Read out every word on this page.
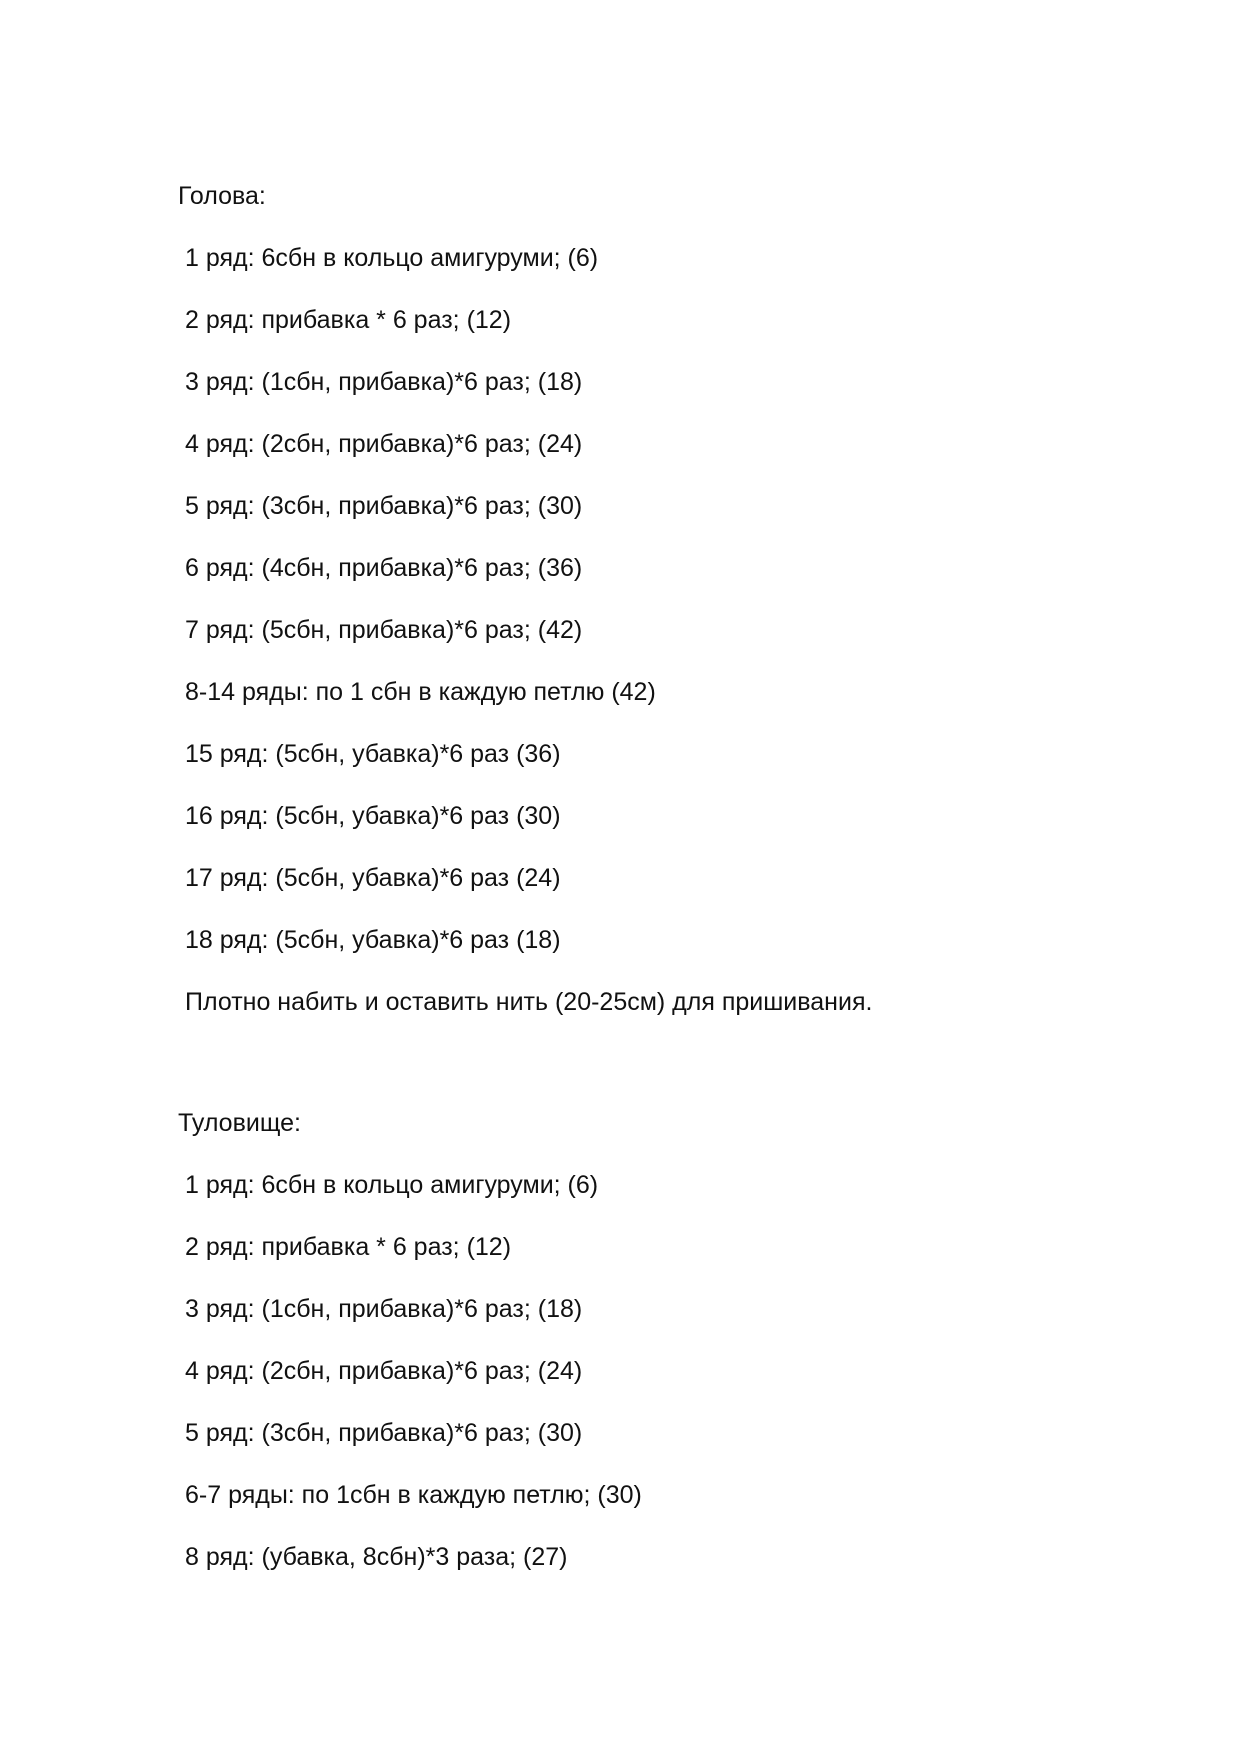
Голова:
1 ряд: 6сбн в кольцо амигуруми; (6)
2 ряд: прибавка * 6 раз; (12)
3 ряд: (1сбн, прибавка)*6 раз; (18)
4 ряд: (2сбн, прибавка)*6 раз; (24)
5 ряд: (3сбн, прибавка)*6 раз; (30)
6 ряд: (4сбн, прибавка)*6 раз; (36)
7 ряд: (5сбн, прибавка)*6 раз; (42)
8-14 ряды: по 1 сбн в каждую петлю (42)
15 ряд: (5сбн, убавка)*6 раз (36)
16 ряд: (5сбн, убавка)*6 раз (30)
17 ряд: (5сбн, убавка)*6 раз (24)
18 ряд: (5сбн, убавка)*6 раз (18)
Плотно набить и оставить нить (20-25см) для пришивания.
Туловище:
1 ряд: 6сбн в кольцо амигуруми; (6)
2 ряд: прибавка * 6 раз; (12)
3 ряд: (1сбн, прибавка)*6 раз; (18)
4 ряд: (2сбн, прибавка)*6 раз; (24)
5 ряд: (3сбн, прибавка)*6 раз; (30)
6-7 ряды: по 1сбн в каждую петлю; (30)
8 ряд: (убавка, 8сбн)*3 раза; (27)
